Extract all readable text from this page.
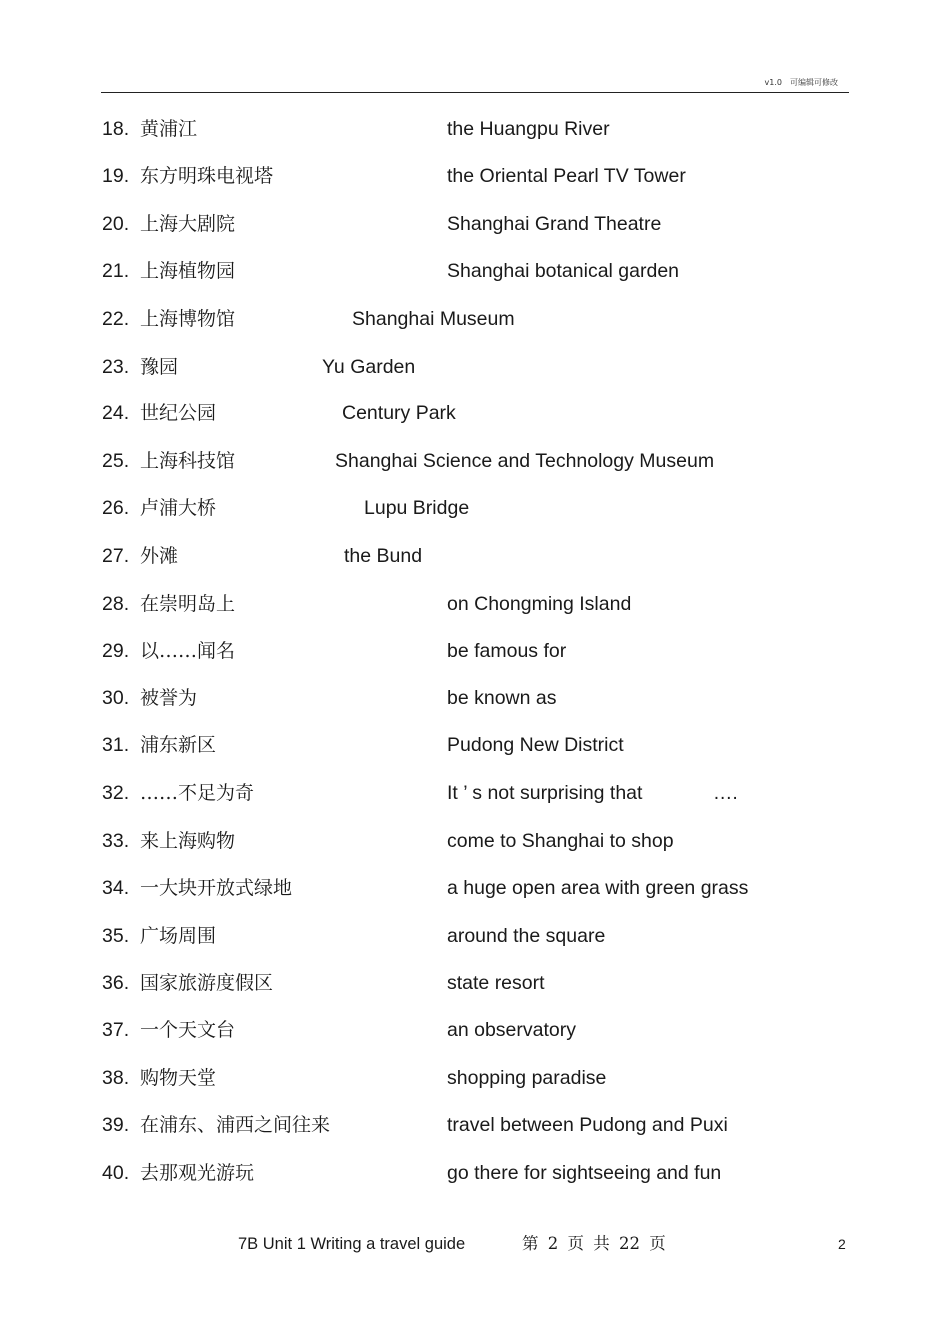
v1.0　可编辑可修改
18. 黄浦江	the Huangpu River
19. 东方明珠电视塔	the Oriental Pearl TV Tower
20. 上海大剧院	Shanghai Grand Theatre
21. 上海植物园	Shanghai botanical garden
22. 上海博物馆	Shanghai Museum
23. 豫园	Yu Garden
24. 世纪公园	Century Park
25. 上海科技馆	Shanghai Science and Technology Museum
26. 卢浦大桥	Lupu Bridge
27. 外滩	the Bund
28. 在崇明岛上	on Chongming Island
29. 以……闻名	be famous for
30. 被誉为	be known as
31. 浦东新区	Pudong New District
32. ……不足为奇	It ’ s not surprising that             ….
33. 来上海购物	come to Shanghai to shop
34. 一大块开放式绿地	a huge open area with green grass
35. 广场周围	around the square
36. 国家旅游度假区	state resort
37. 一个天文台	an observatory
38. 购物天堂	shopping paradise
39. 在浦东、浦西之间往来	travel between Pudong and Puxi
40. 去那观光游玩	go there for sightseeing and fun
7B Unit 1 Writing a travel guide	第 2 页 共 22 页	2
